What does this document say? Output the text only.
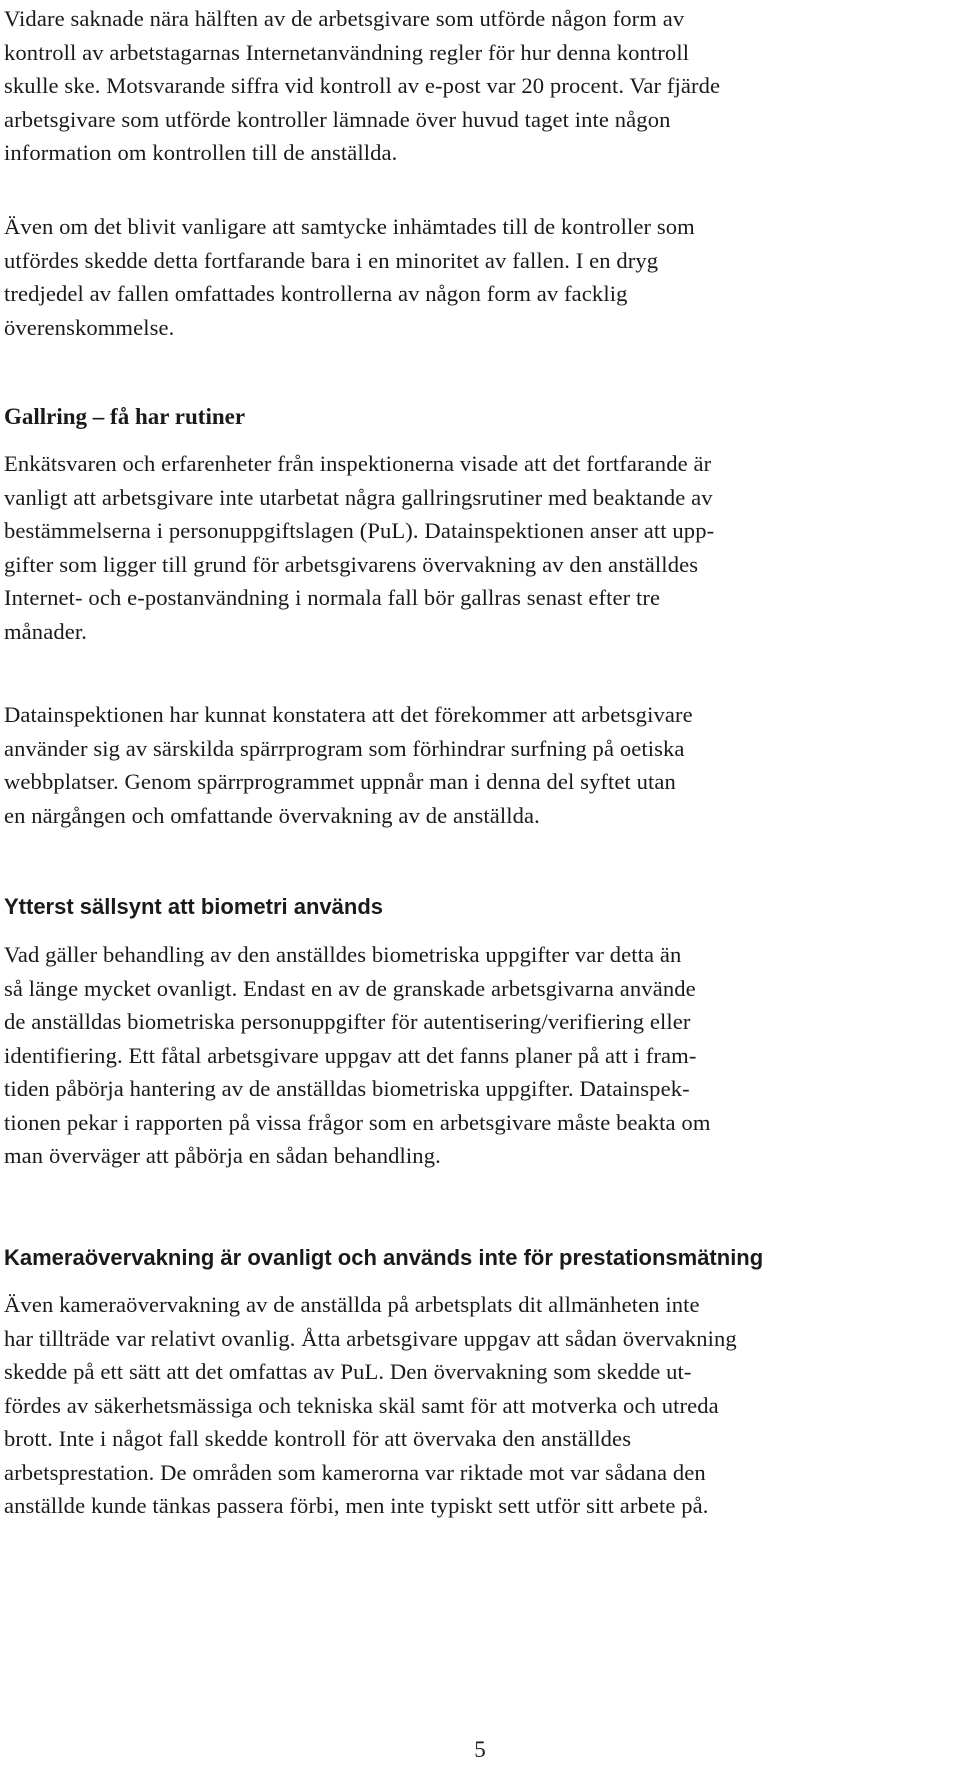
Vidare saknade nära hälften av de arbetsgivare som utförde någon form av
kontroll av arbetstagarnas Internetanvändning regler för hur denna kontroll
skulle ske. Motsvarande siffra vid kontroll av e-post var 20 procent. Var fjärde
arbetsgivare som utförde kontroller lämnade över huvud taget inte någon
information om kontrollen till de anställda.

Även om det blivit vanligare att samtycke inhämtades till de kontroller som
utfördes skedde detta fortfarande bara i en minoritet av fallen. I en dryg
tredjedel av fallen omfattades kontrollerna av någon form av facklig
överenskommelse.

Gallring – få har rutiner

Enkätsvaren och erfarenheter från inspektionerna visade att det fortfarande är
vanligt att arbetsgivare inte utarbetat några gallringsrutiner med beaktande av
bestämmelserna i personuppgiftslagen (PuL). Datainspektionen anser att upp-
gifter som ligger till grund för arbetsgivarens övervakning av den anställdes
Internet- och e-postanvändning i normala fall bör gallras senast efter tre
månader.

Datainspektionen har kunnat konstatera att det förekommer att arbetsgivare
använder sig av särskilda spärrprogram som förhindrar surfning på oetiska
webbplatser. Genom spärrprogrammet uppnår man i denna del syftet utan
en närgången och omfattande övervakning av de anställda.

Ytterst sällsynt att biometri används

Vad gäller behandling av den anställdes biometriska uppgifter var detta än
så länge mycket ovanligt. Endast en av de granskade arbetsgivarna använde
de anställdas biometriska personuppgifter för autentisering/verifiering eller
identifiering. Ett fåtal arbetsgivare uppgav att det fanns planer på att i fram-
tiden påbörja hantering av de anställdas biometriska uppgifter. Datainspek-
tionen pekar i rapporten på vissa frågor som en arbetsgivare måste beakta om
man överväger att påbörja en sådan behandling.

Kameraövervakning är ovanligt och används inte för prestationsmätning

Även kameraövervakning av de anställda på arbetsplats dit allmänheten inte
har tillträde var relativt ovanlig. Åtta arbetsgivare uppgav att sådan övervakning
skedde på ett sätt att det omfattas av PuL. Den övervakning som skedde ut-
fördes av säkerhetsmässiga och tekniska skäl samt för att motverka och utreda
brott. Inte i något fall skedde kontroll för att övervaka den anställdes
arbetsprestation. De områden som kamerorna var riktade mot var sådana den
anställde kunde tänkas passera förbi, men inte typiskt sett utför sitt arbete på.

5
